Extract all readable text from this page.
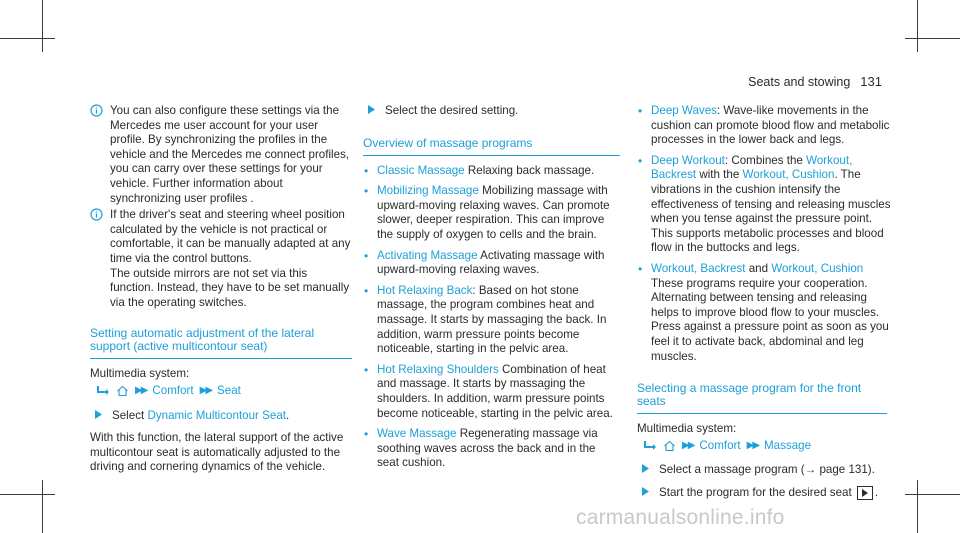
Seats and stowing 131

You can also configure these settings via the Mercedes me user account for your user profile. By synchronizing the profiles in the vehicle and the Mercedes me connect profiles, you can carry over these settings for your vehicle. Further information about synchronizing user profiles .

If the driver's seat and steering wheel position calculated by the vehicle is not practical or comfortable, it can be manually adapted at any time via the control buttons.

The outside mirrors are not set via this function. Instead, they have to be set manually via the operating switches.

Setting automatic adjustment of the lateral support (active multicontour seat)

Multimedia system:

▶▶ Comfort ▶▶ Seat
Select Dynamic Multicontour Seat.

With this function, the lateral support of the active multicontour seat is automatically adjusted to the driving and cornering dynamics of the vehicle.

Select the desired setting.
Overview of massage programs
• Classic Massage Relaxing back massage.
• Mobilizing Massage Mobilizing massage with upward-moving relaxing waves. Can promote slower, deeper respiration. This can improve the supply of oxygen to cells and the brain.
• Activating Massage Activating massage with upward-moving relaxing waves.
• Hot Relaxing Back: Based on hot stone massage, the program combines heat and massage. It starts by massaging the back. In addition, warm pressure points become noticeable, starting in the pelvic area.
• Hot Relaxing Shoulders Combination of heat and massage. It starts by massaging the shoulders. In addition, warm pressure points become noticeable, starting in the pelvic area.
• Wave Massage Regenerating massage via soothing waves across the back and in the seat cushion.
• Deep Waves: Wave-like movements in the cushion can promote blood flow and metabolic processes in the lower back and legs.
• Deep Workout: Combines the Workout, Backrest with the Workout, Cushion. The vibrations in the cushion intensify the effectiveness of tensing and releasing muscles when you tense against the pressure point. This supports metabolic processes and blood flow in the buttocks and legs.
• Workout, Backrest and Workout, Cushion
These programs require your cooperation. Alternating between tensing and releasing helps to improve blood flow to your muscles. Press against a pressure point as soon as you feel it to activate back, abdominal and leg muscles.
Selecting a massage program for the front seats

Multimedia system:

▶▶ Comfort ▶▶ Massage
Select a massage program (→ page 131).
Start the program for the desired seat .
carmanualsonline.info
